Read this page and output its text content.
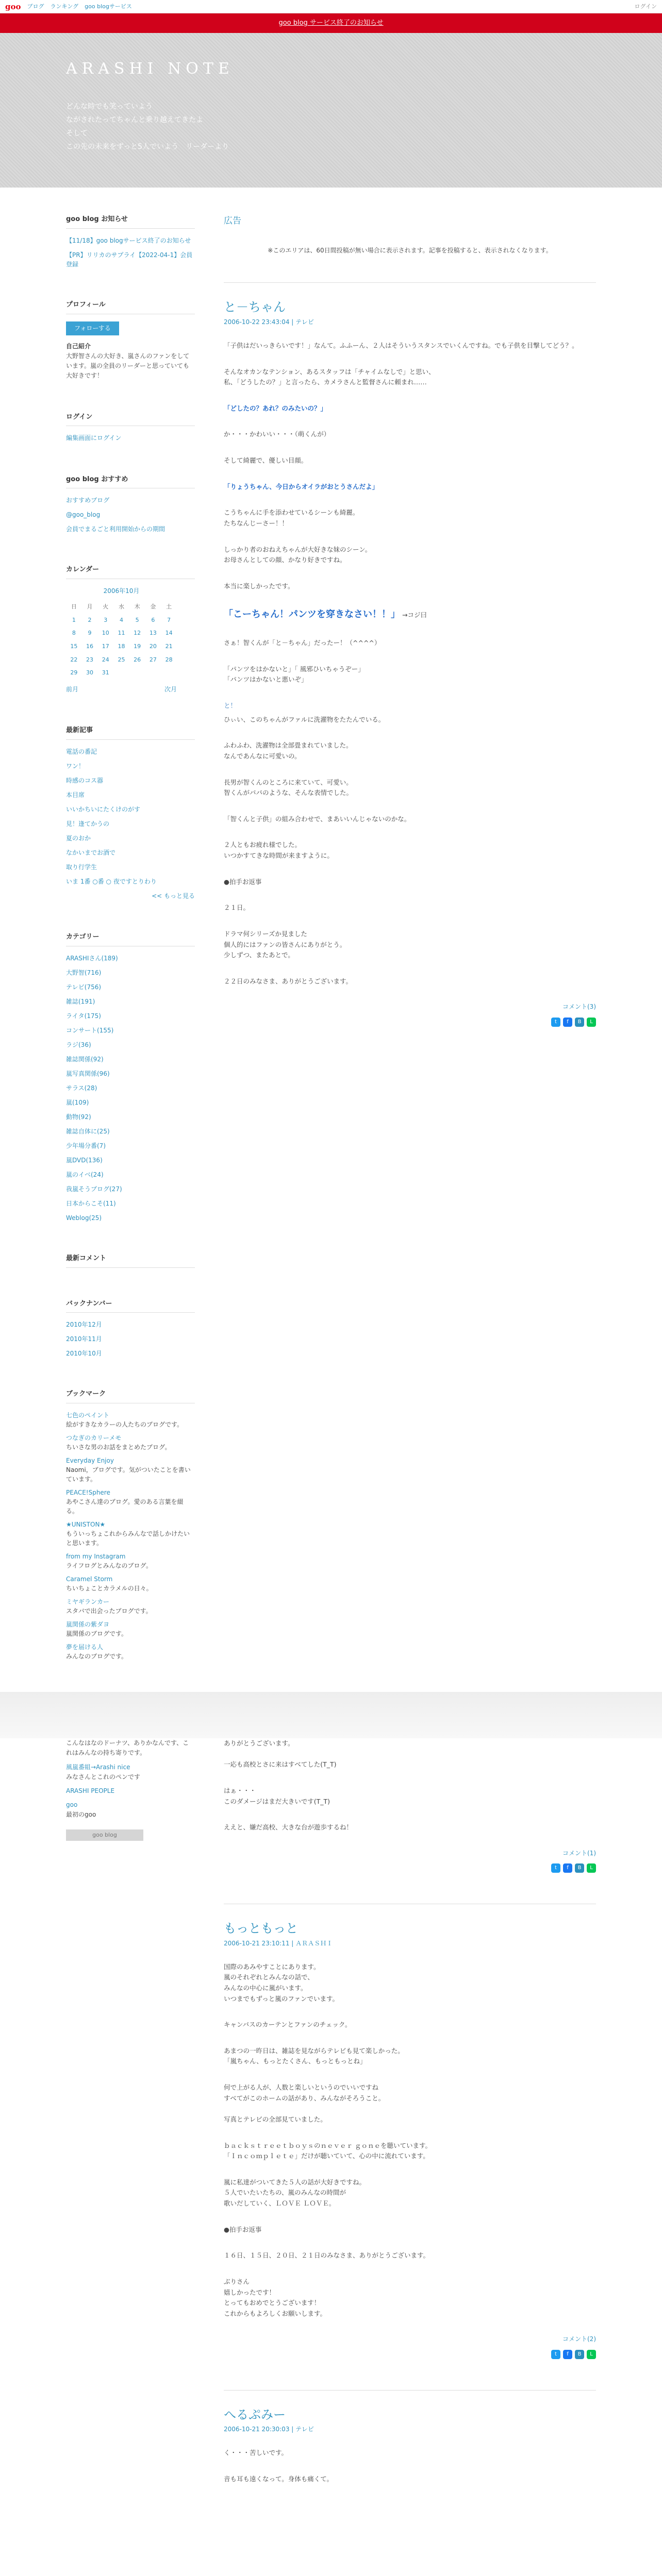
goo ブログ ランキング goo blogサービス	ログイン
goo blog サービス終了のお知らせ
ARASHI NOTE
どんな時でも笑っていよう
ながされたってちゃんと乗り越えてきたよ
そして
この先の未来をずっと5人でいよう　リーダーより
goo blog お知らせ
【11/18】goo blogサービス終了のお知らせ
【PR】リリカのサプライ【2022-04-1】会員登録
プロフィール
フォローする
自己紹介
大野智さんの大好き、嵐さんのファンをしています。嵐の全員のリーダーと思っていても大好きです！
ログイン
編集画面にログイン
goo blog おすすめ
おすすめブログ
@goo_blog
会員でまるごと利用開始からの期間
カレンダー
2006年10月
日	月	火	水	木	金	土
1	2	3	4	5	6	7
8	9	10	11	12	13	14
15	16	17	18	19	20	21
22	23	24	25	26	27	28
29	30	31				
前月	次月
最新記事
電話の番記
ワン！
時感のコス器
本目席
いいかちいにたくけのがす
見！逢てかうの
夏のおか
なかいまでお酒で
取り行学生
いま 1番 ○番 ○ 夜ですとりわり
<< もっと見る
カテゴリー
ARASHIさん(189)
大野智(716)
テレビ(756)
雑誌(191)
ライタ(175)
コンサート(155)
ラジ(36)
雑誌関係(92)
嵐写真関係(96)
サラス(28)
嵐(109)
動物(92)
雑誌自体に(25)
少年場分番(7)
嵐DVD(136)
嵐のイベ(24)
我嵐そうブログ(27)
日本からこそ(11)
Weblog(25)
最新コメント
バックナンバー
2010年12月
2010年11月
2010年10月
ブックマーク
七色のペイント
絵がすきなカラーの人たちのブログです。
つなぎのカリーメモ
ちいさな男のお話をまとめたブログ。
Everyday Enjoy
Naomi，ブログです。気がついたことを書いています。
PEACE!Sphere
あやこさん達のブログ。愛のある言葉を綴る。
★UNISTON★
もういっちょこれからみんなで話しかけたいと思います。
from my Instagram
ライフログとみんなのブログ。
Caramel Storm
ちいちょことカラメルの日々。
ミヤギランカー
スタバで出会ったブログです。
嵐関係の紫ダヨ
嵐関係のブログです。
夢を届ける人
みんなのブログです。
広告
※このエリアは、60日間投稿が無い場合に表示されます。記事を投稿すると、表示されなくなります。
と－ちゃん
2006-10-22 23:43:04 | テレビ

「子供はだいっきらいです！」なんて。ふふーん、２人はそういうスタンスでいくんですね。でも子供を目撃してどう？。

そんなオカンなテンション、あるスタッフは「チャイムなしで」と思い、
私、「どうしたの？」と言ったら、カメラさんと監督さんに頼まれ……

「どしたの？あれ？のみたいの？」

か・・・かわいい・・・（萌くんが）

そして綺麗で、優しい目顔。

「りょうちゃん、今日からオイラがおとうさんだよ」

こうちゃんに手を添わせているシーンも綺麗。
たちなんじーさー！！

しっかり者のおねえちゃんが大好きな妹のシーン。
お母さんとしての顔、かなり好きですね。

本当に楽しかったです。

「こーちゃん！パンツを穿きなさい！！」 →コジ曰

さぁ！智くんが「と－ちゃん」だったー！（^^^^）

「パンツをはかないと」「 風邪ひいちゃうぞー」
「パンツはかないと悪いぞ」

と！

ひぃい、このちゃんがファルに洗濯物をたたんでいる。

ふわふわ、洗濯物は全部畳まれていました。
なんであんなに可愛いの。

長男が智くんのところに来ていて、可愛い。
智くんがパパのような、そんな表情でした。

「智くんと子供」の組み合わせで、まあいいんじゃないのかな。

２人ともお疲れ様でした。
いつかすてきな時間が来ますように。

●拍手お返事

２１日。

ドラマ何シリーズか見ました
個人的にはファンの皆さんにありがとう。
少しずつ、またあとで。

２２日のみなさま、ありがとうございます。

コメント(3)
t	f	B	L
こんなはなのドーナツ、ありかなんです、これはみんなの持ち寄りです。
風嵐番組→Arashi nice
みなさんとこれのペンです
ARASHI PEOPLE
goo
最初のgoo
goo blog

ありがとうございます。

一応も高校とさに来はすべてした(T_T)

はぁ・・・
このダメージはまだ大きいです(T_T)

ええと、嫌だ高校、大きな台が遊歩するね！

コメント(1)
t	f	B	L
もっともっと
2006-10-21 23:10:11 | ＡＲＡＳＨＩ

国際のあみやすことにあります。
嵐のそれぞれとみんなの話で、
みんなの中心に嵐がいます。
いつまでもずっと嵐のファンでいます。

キャンバスのカーテンとファンのチェック。

あまつの一昨日は、雑誌を見ながらテレビも見て楽しかった。
「嵐ちゃん、もっとたくさん、もっともっとね」

何で上がる人が、人数と楽しいというのでいいですね
すべてがこのホームの話があり、みんながそろうこと。

写真とテレビの全部見ていました。

ｂａｃｋｓｔｒｅｅｔｂｏｙｓのｎｅｖｅｒ ｇｏｎｅを聴いています。
「Ｉｎｃｏｍｐｌｅｔｅ」だけが聴いていて、心の中に流れています。

嵐に私達がついてきた５人の話が大好きですね。
５人でいたいたちの、嵐のみんなの時間が
歌いだしていく、ＬＯＶＥ ＬＯＶＥ。

●拍手お返事

１６日、１５日、２０日、２１日のみなさま、ありがとうございます。

ぶりさん
嬉しかったです！
とってもおめでとうございます！
これからもよろしくお願いします。

コメント(2)
t	f	B	L
へるぷみー
2006-10-21 20:30:03 | テレビ

く・・・苦しいです。

音も耳も遠くなって。身体も痛くて。
